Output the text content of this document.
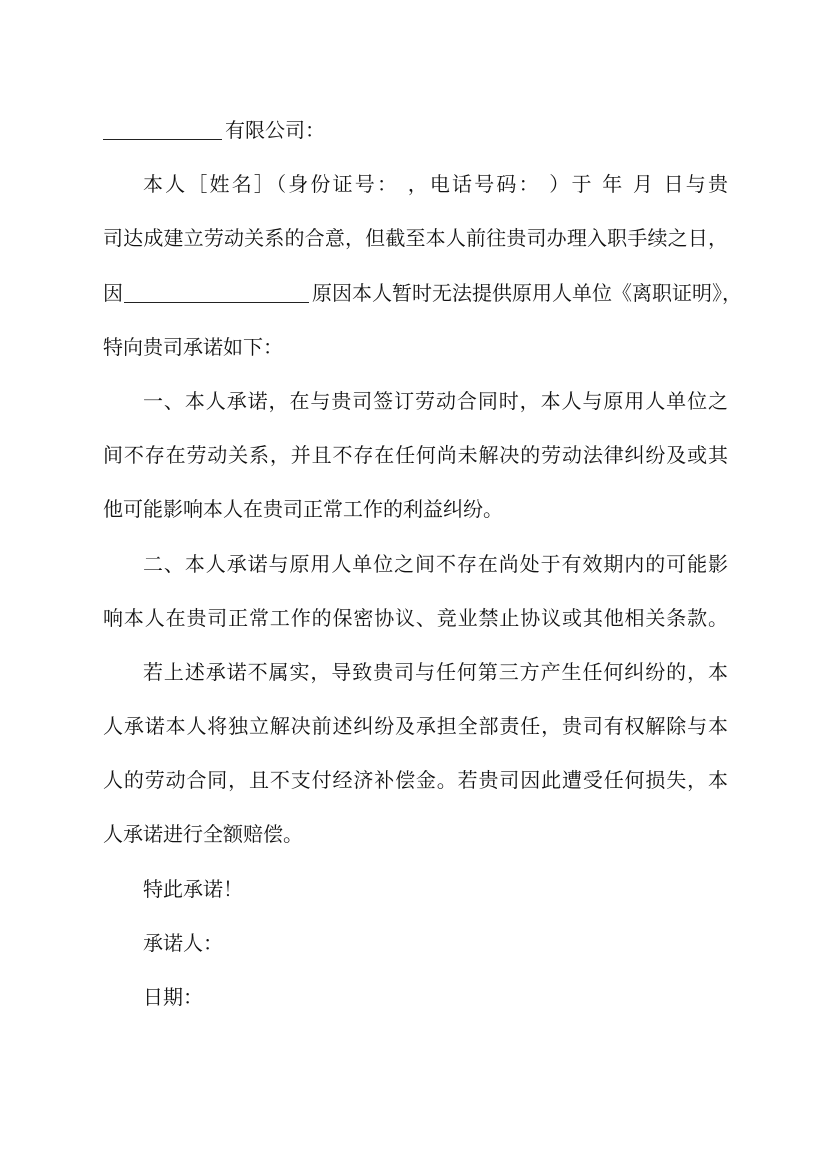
有限公司：
本人［姓名］（身份证号： ，电话号码： ）于 年 月 日与贵
司达成建立劳动关系的合意，但截至本人前往贵司办理入职手续之日，
因	原因本人暂时无法提供原用人单位《离职证明》，
特向贵司承诺如下：
一、本人承诺，在与贵司签订劳动合同时，本人与原用人单位之
间不存在劳动关系，并且不存在任何尚未解决的劳动法律纠纷及或其
他可能影响本人在贵司正常工作的利益纠纷。
二、本人承诺与原用人单位之间不存在尚处于有效期内的可能影
响本人在贵司正常工作的保密协议、竞业禁止协议或其他相关条款。
若上述承诺不属实，导致贵司与任何第三方产生任何纠纷的，本
人承诺本人将独立解决前述纠纷及承担全部责任，贵司有权解除与本
人的劳动合同，且不支付经济补偿金。若贵司因此遭受任何损失，本
人承诺进行全额赔偿。
特此承诺！
承诺人：
日期：
